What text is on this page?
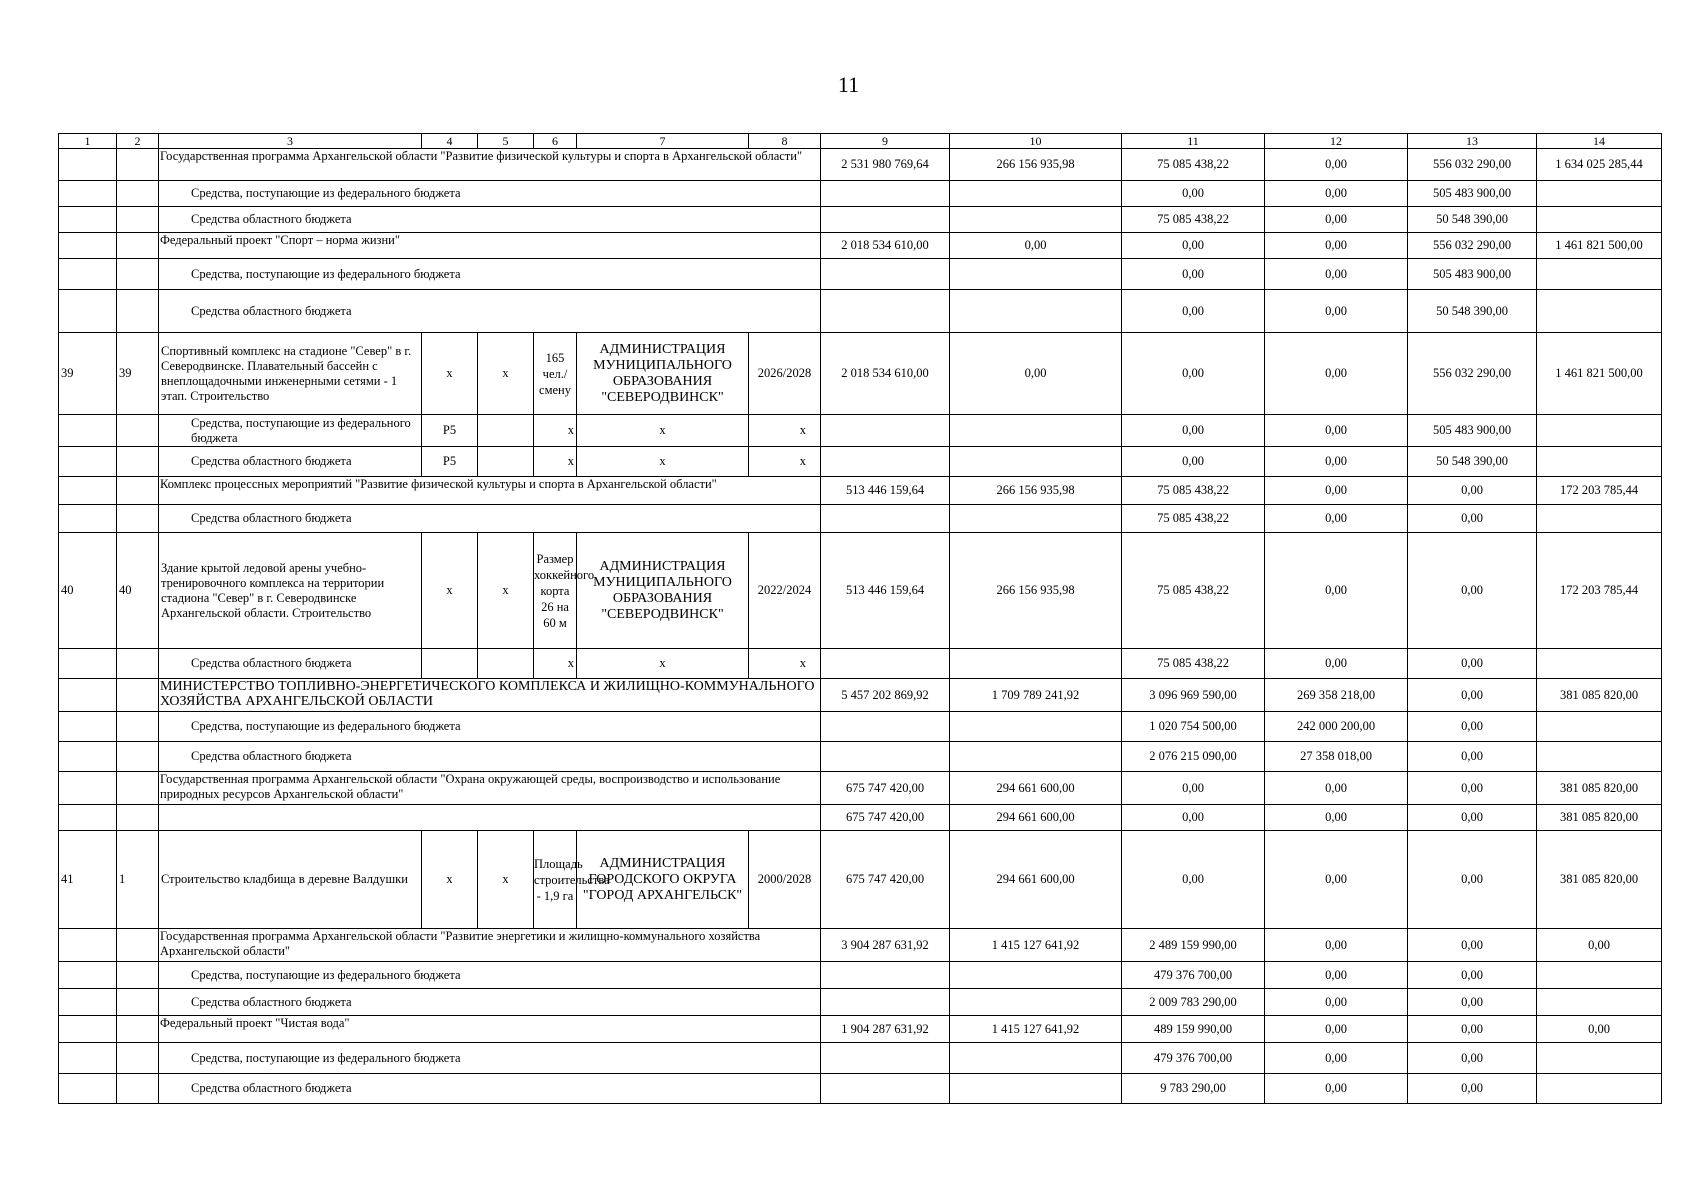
11
1	2	3	4	5	6	7	8	9	10	11	12	13	14
		Государственная программа Архангельской области "Развитие физической культуры и спорта в Архангельской области"						2 531 980 769,64	266 156 935,98	75 085 438,22	0,00	556 032 290,00	1 634 025 285,44
		Средства, поступающие из федерального бюджета								0,00	0,00	505 483 900,00	
		Средства областного бюджета								75 085 438,22	0,00	50 548 390,00	
		Федеральный проект "Спорт – норма жизни"						2 018 534 610,00	0,00	0,00	0,00	556 032 290,00	1 461 821 500,00
		Средства, поступающие из федерального бюджета								0,00	0,00	505 483 900,00	
		Средства областного бюджета								0,00	0,00	50 548 390,00	
39	39	Спортивный комплекс на стадионе "Север" в г. Северодвинске. Плавательный бассейн с внеплощадочными инженерными сетями - 1 этап. Строительство	х	х	165 чел./смену	АДМИНИСТРАЦИЯ МУНИЦИПАЛЬНОГО ОБРАЗОВАНИЯ "СЕВЕРОДВИНСК"	2026/2028	2 018 534 610,00	0,00	0,00	0,00	556 032 290,00	1 461 821 500,00
		Средства, поступающие из федерального бюджета	Р5		х	х	х			0,00	0,00	505 483 900,00	
		Средства областного бюджета	Р5		х	х	х			0,00	0,00	50 548 390,00	
		Комплекс процессных мероприятий "Развитие физической культуры и спорта в Архангельской области"						513 446 159,64	266 156 935,98	75 085 438,22	0,00	0,00	172 203 785,44
		Средства областного бюджета								75 085 438,22	0,00	0,00	
40	40	Здание крытой ледовой арены учебно-тренировочного комплекса на территории стадиона "Север" в г. Северодвинске Архангельской области. Строительство	х	х	Размер хоккейного корта 26 на 60 м	АДМИНИСТРАЦИЯ МУНИЦИПАЛЬНОГО ОБРАЗОВАНИЯ "СЕВЕРОДВИНСК"	2022/2024	513 446 159,64	266 156 935,98	75 085 438,22	0,00	0,00	172 203 785,44
		Средства областного бюджета			х	х	х			75 085 438,22	0,00	0,00	
		МИНИСТЕРСТВО ТОПЛИВНО-ЭНЕРГЕТИЧЕСКОГО КОМПЛЕКСА И ЖИЛИЩНО-КОММУНАЛЬНОГО ХОЗЯЙСТВА АРХАНГЕЛЬСКОЙ ОБЛАСТИ						5 457 202 869,92	1 709 789 241,92	3 096 969 590,00	269 358 218,00	0,00	381 085 820,00
		Средства, поступающие из федерального бюджета								1 020 754 500,00	242 000 200,00	0,00	
		Средства областного бюджета								2 076 215 090,00	27 358 018,00	0,00	
		Государственная программа Архангельской области "Охрана окружающей среды, воспроизводство и использование природных ресурсов Архангельской области"						675 747 420,00	294 661 600,00	0,00	0,00	0,00	381 085 820,00
								675 747 420,00	294 661 600,00	0,00	0,00	0,00	381 085 820,00
41	1	Строительство кладбища в деревне Валдушки	х	х	Площадь строительства - 1,9 га	АДМИНИСТРАЦИЯ ГОРОДСКОГО ОКРУГА "ГОРОД АРХАНГЕЛЬСК"	2000/2028	675 747 420,00	294 661 600,00	0,00	0,00	0,00	381 085 820,00
		Государственная программа Архангельской области "Развитие энергетики и жилищно-коммунального хозяйства Архангельской области"						3 904 287 631,92	1 415 127 641,92	2 489 159 990,00	0,00	0,00	0,00
		Средства, поступающие из федерального бюджета								479 376 700,00	0,00	0,00	
		Средства областного бюджета								2 009 783 290,00	0,00	0,00	
		Федеральный проект "Чистая вода"						1 904 287 631,92	1 415 127 641,92	489 159 990,00	0,00	0,00	0,00
		Средства, поступающие из федерального бюджета								479 376 700,00	0,00	0,00	
		Средства областного бюджета								9 783 290,00	0,00	0,00	
